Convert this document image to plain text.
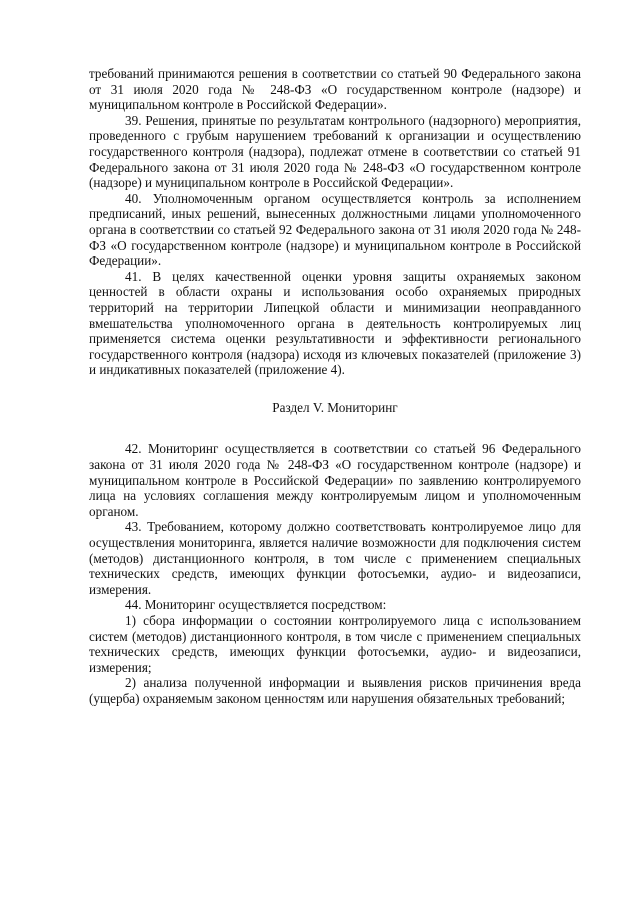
требований принимаются решения в соответствии со статьей 90 Федерального закона от 31 июля 2020 года № 248-ФЗ «О государственном контроле (надзоре) и муниципальном контроле в Российской Федерации».

39. Решения, принятые по результатам контрольного (надзорного) мероприятия, проведенного с грубым нарушением требований к организации и осуществлению государственного контроля (надзора), подлежат отмене в соответствии со статьей 91 Федерального закона от 31 июля 2020 года № 248-ФЗ «О государственном контроле (надзоре) и муниципальном контроле в Российской Федерации».

40. Уполномоченным органом осуществляется контроль за исполнением предписаний, иных решений, вынесенных должностными лицами уполномоченного органа в соответствии со статьей 92 Федерального закона от 31 июля 2020 года № 248-ФЗ «О государственном контроле (надзоре) и муниципальном контроле в Российской Федерации».

41. В целях качественной оценки уровня защиты охраняемых законом ценностей в области охраны и использования особо охраняемых природных территорий на территории Липецкой области и минимизации неоправданного вмешательства уполномоченного органа в деятельность контролируемых лиц применяется система оценки результативности и эффективности регионального государственного контроля (надзора) исходя из ключевых показателей (приложение 3) и индикативных показателей (приложение 4).

Раздел V. Мониторинг

42. Мониторинг осуществляется в соответствии со статьей 96 Федерального закона от 31 июля 2020 года № 248-ФЗ «О государственном контроле (надзоре) и муниципальном контроле в Российской Федерации» по заявлению контролируемого лица на условиях соглашения между контролируемым лицом и уполномоченным органом.

43. Требованием, которому должно соответствовать контролируемое лицо для осуществления мониторинга, является наличие возможности для подключения систем (методов) дистанционного контроля, в том числе с применением специальных технических средств, имеющих функции фотосъемки, аудио- и видеозаписи, измерения.

44. Мониторинг осуществляется посредством:

1) сбора информации о состоянии контролируемого лица с использованием систем (методов) дистанционного контроля, в том числе с применением специальных технических средств, имеющих функции фотосъемки, аудио- и видеозаписи, измерения;

2) анализа полученной информации и выявления рисков причинения вреда (ущерба) охраняемым законом ценностям или нарушения обязательных требований;
